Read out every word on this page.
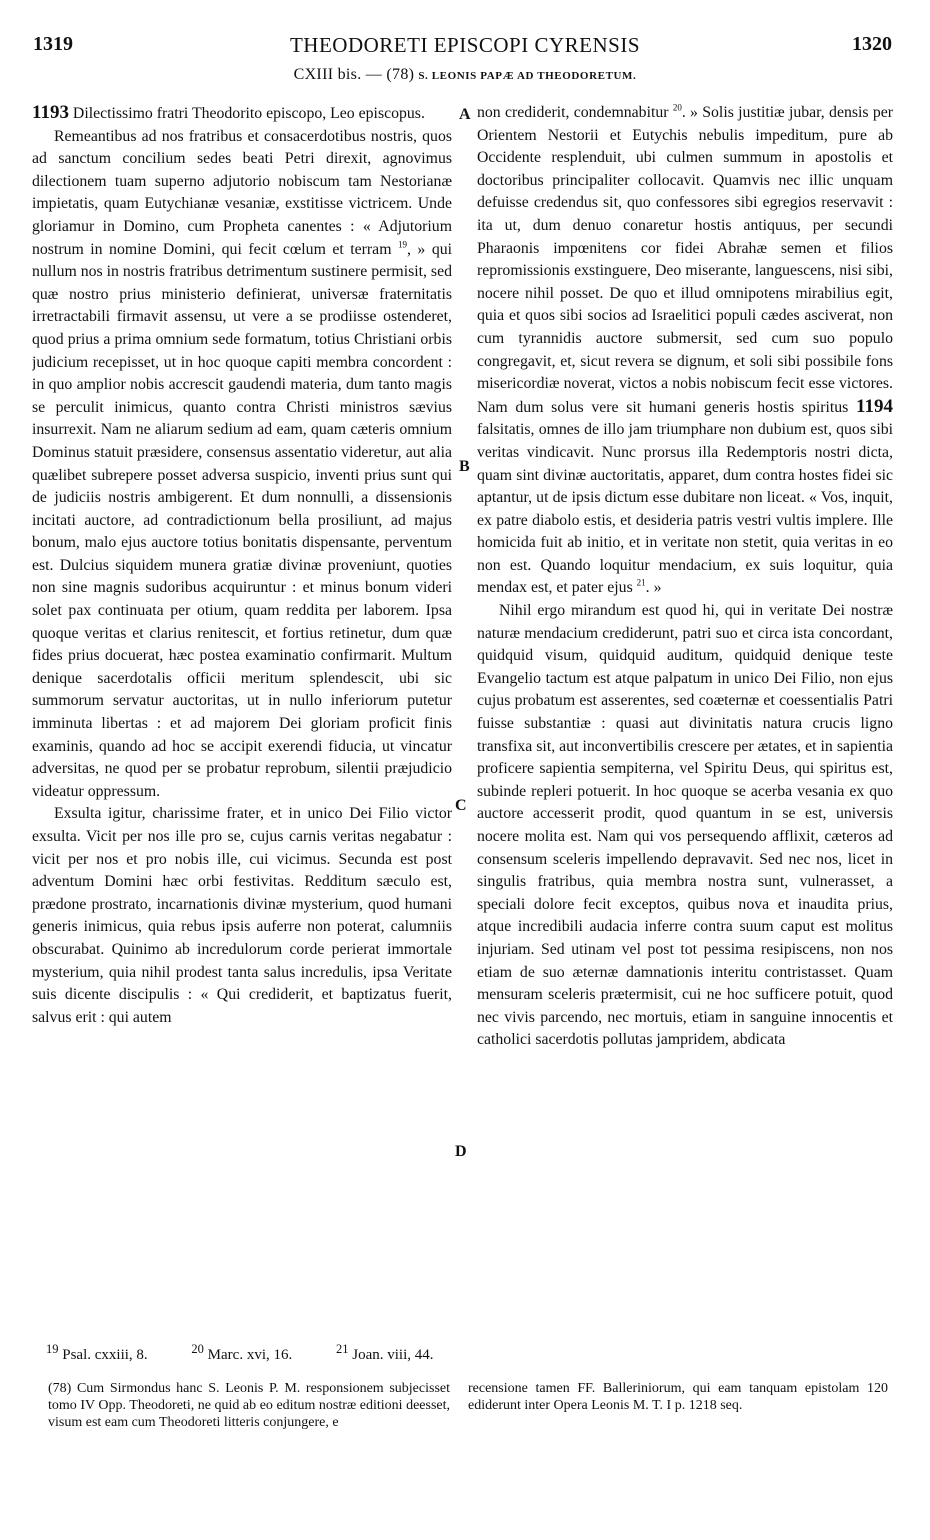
1319	THEODORETI EPISCOPI CYRENSIS	1320
CXIII bis. — (78) S. LEONIS PAPÆ AD THEODORETUM.

1193 Dilectissimo fratri Theodorito episcopo, Leo episcopus.

Remeantibus ad nos fratribus et consacerdotibus nostris, quos ad sanctum concilium sedes beati Petri direxit, agnovimus dilectionem tuam superno adjutorio nobiscum tam Nestorianæ impietatis, quam Eutychianæ vesaniæ, exstitisse victricem. Unde gloriamur in Domino, cum Propheta canentes : « Adjutorium nostrum in nomine Domini, qui fecit cœlum et terram $^{19}$, » qui nullum nos in nostris fratribus detrimentum sustinere permisit, sed quæ nostro prius ministerio definierat, universæ fraternitatis irretractabili firmavit assensu, ut vere a se prodiisse ostenderet, quod prius a prima omnium sede formatum, totius Christiani orbis judicium recepisset, ut in hoc quoque capiti membra concordent : in quo amplior nobis accrescit gaudendi materia, dum tanto magis se perculit inimicus, quanto contra Christi ministros sævius insurrexit. Nam ne aliarum sedium ad eam, quam cæteris omnium Dominus statuit præsidere, consensus assentatio videretur, aut alia quælibet subrepere posset adversa suspicio, inventi prius sunt qui de judiciis nostris ambigerent. Et dum nonnulli, a dissensionis incitati auctore, ad contradictionum bella prosiliunt, ad majus bonum, malo ejus auctore totius bonitatis dispensante, perventum est. Dulcius siquidem munera gratiæ divinæ proveniunt, quoties non sine magnis sudoribus acquiruntur : et minus bonum videri solet pax continuata per otium, quam reddita per laborem. Ipsa quoque veritas et clarius renitescit, et fortius retinetur, dum quæ fides prius docuerat, hæc postea examinatio confirmarit. Multum denique sacerdotalis officii meritum splendescit, ubi sic summorum servatur auctoritas, ut in nullo inferiorum putetur imminuta libertas : et ad majorem Dei gloriam proficit finis examinis, quando ad hoc se accipit exerendi fiducia, ut vincatur adversitas, ne quod per se probatur reprobum, silentii præjudicio videatur oppressum.

Exsulta igitur, charissime frater, et in unico Dei Filio victor exsulta. Vicit per nos ille pro se, cujus carnis veritas negabatur : vicit per nos et pro nobis ille, cui vicimus. Secunda est post adventum Domini hæc orbi festivitas. Redditum sæculo est, prædone prostrato, incarnationis divinæ mysterium, quod humani generis inimicus, quia rebus ipsis auferre non poterat, calumniis obscurabat. Quinimo ab incredulorum corde perierat immortale mysterium, quia nihil prodest tanta salus incredulis, ipsa Veritate suis dicente discipulis : « Qui crediderit, et baptizatus fuerit, salvus erit : qui autem

A
B
C
D

non crediderit, condemnabitur $^{20}$. » Solis justitiæ jubar, densis per Orientem Nestorii et Eutychis nebulis impeditum, pure ab Occidente resplenduit, ubi culmen summum in apostolis et doctoribus principaliter collocavit. Quamvis nec illic unquam defuisse credendus sit, quo confessores sibi egregios reservavit : ita ut, dum denuo conaretur hostis antiquus, per secundi Pharaonis impœnitens cor fidei Abrahæ semen et filios repromissionis exstinguere, Deo miserante, languescens, nisi sibi, nocere nihil posset. De quo et illud omnipotens mirabilius egit, quia et quos sibi socios ad Israelitici populi cædes asciverat, non cum tyrannidis auctore submersit, sed cum suo populo congregavit, et, sicut revera se dignum, et soli sibi possibile fons misericordiæ noverat, victos a nobis nobiscum fecit esse victores. Nam dum solus vere sit humani generis hostis spiritus 1194 falsitatis, omnes de illo jam triumphare non dubium est, quos sibi veritas vindicavit. Nunc prorsus illa Redemptoris nostri dicta, quam sint divinæ auctoritatis, apparet, dum contra hostes fidei sic aptantur, ut de ipsis dictum esse dubitare non liceat. « Vos, inquit, ex patre diabolo estis, et desideria patris vestri vultis implere. Ille homicida fuit ab initio, et in veritate non stetit, quia veritas in eo non est. Quando loquitur mendacium, ex suis loquitur, quia mendax est, et pater ejus $^{21}$. »

Nihil ergo mirandum est quod hi, qui in veritate Dei nostræ naturæ mendacium crediderunt, patri suo et circa ista concordant, quidquid visum, quidquid auditum, quidquid denique teste Evangelio tactum est atque palpatum in unico Dei Filio, non ejus cujus probatum est asserentes, sed coæternæ et coessentialis Patri fuisse substantiæ : quasi aut divinitatis natura crucis ligno transfixa sit, aut inconvertibilis crescere per ætates, et in sapientia proficere sapientia sempiterna, vel Spiritu Deus, qui spiritus est, subinde repleri potuerit. In hoc quoque se acerba vesania ex quo auctore accesserit prodit, quod quantum in se est, universis nocere molita est. Nam qui vos persequendo afflixit, cæteros ad consensum sceleris impellendo depravavit. Sed nec nos, licet in singulis fratribus, quia membra nostra sunt, vulnerasset, a speciali dolore fecit exceptos, quibus nova et inaudita prius, atque incredibili audacia inferre contra suum caput est molitus injuriam. Sed utinam vel post tot pessima resipiscens, non nos etiam de suo æternæ damnationis interitu contristasset. Quam mensuram sceleris prætermisit, cui ne hoc sufficere potuit, quod nec vivis parcendo, nec mortuis, etiam in sanguine innocentis et catholici sacerdotis pollutas jampridem, abdicata

$^{19}$ Psal. cxxiii, 8.	$^{20}$ Marc. xvi, 16.	$^{21}$ Joan. viii, 44.
(78) Cum Sirmondus hanc S. Leonis P. M. responsionem subjecisset tomo IV Opp. Theodoreti, ne quid ab eo editum nostræ editioni deesset, visum est eam cum Theodoreti litteris conjungere, e
recensione tamen FF. Balleriniorum, qui eam tanquam epistolam 120 ediderunt inter Opera Leonis M. T. I p. 1218 seq.
